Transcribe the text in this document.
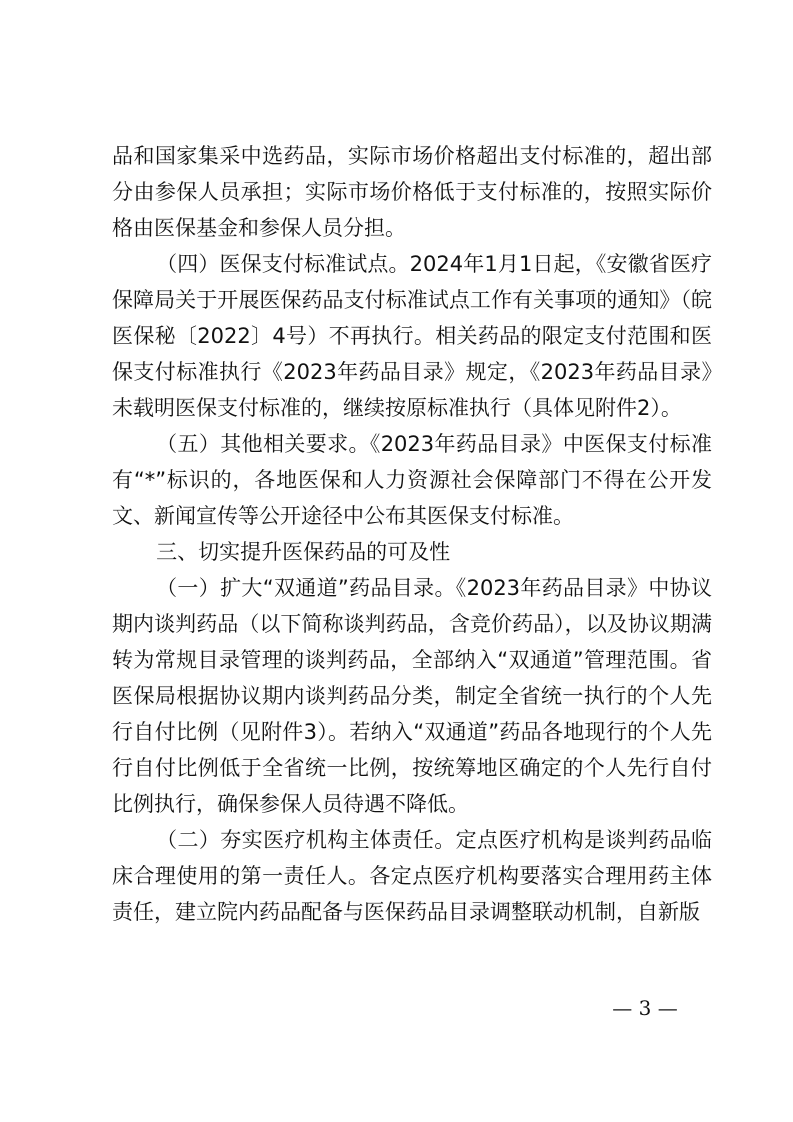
品和国家集采中选药品，实际市场价格超出支付标准的，超出部分由参保人员承担；实际市场价格低于支付标准的，按照实际价格由医保基金和参保人员分担。

（四）医保支付标准试点。2024年1月1日起，《安徽省医疗保障局关于开展医保药品支付标准试点工作有关事项的通知》（皖医保秘〔2022〕4号）不再执行。相关药品的限定支付范围和医保支付标准执行《2023年药品目录》规定，《2023年药品目录》未载明医保支付标准的，继续按原标准执行（具体见附件2）。

（五）其他相关要求。《2023年药品目录》中医保支付标准有“*”标识的，各地医保和人力资源社会保障部门不得在公开发文、新闻宣传等公开途径中公布其医保支付标准。

三、切实提升医保药品的可及性

（一）扩大“双通道”药品目录。《2023年药品目录》中协议期内谈判药品（以下简称谈判药品，含竞价药品），以及协议期满转为常规目录管理的谈判药品，全部纳入“双通道”管理范围。省医保局根据协议期内谈判药品分类，制定全省统一执行的个人先行自付比例（见附件3）。若纳入“双通道”药品各地现行的个人先行自付比例低于全省统一比例，按统筹地区确定的个人先行自付比例执行，确保参保人员待遇不降低。

（二）夯实医疗机构主体责任。定点医疗机构是谈判药品临床合理使用的第一责任人。各定点医疗机构要落实合理用药主体责任，建立院内药品配备与医保药品目录调整联动机制，自新版

— 3 —
